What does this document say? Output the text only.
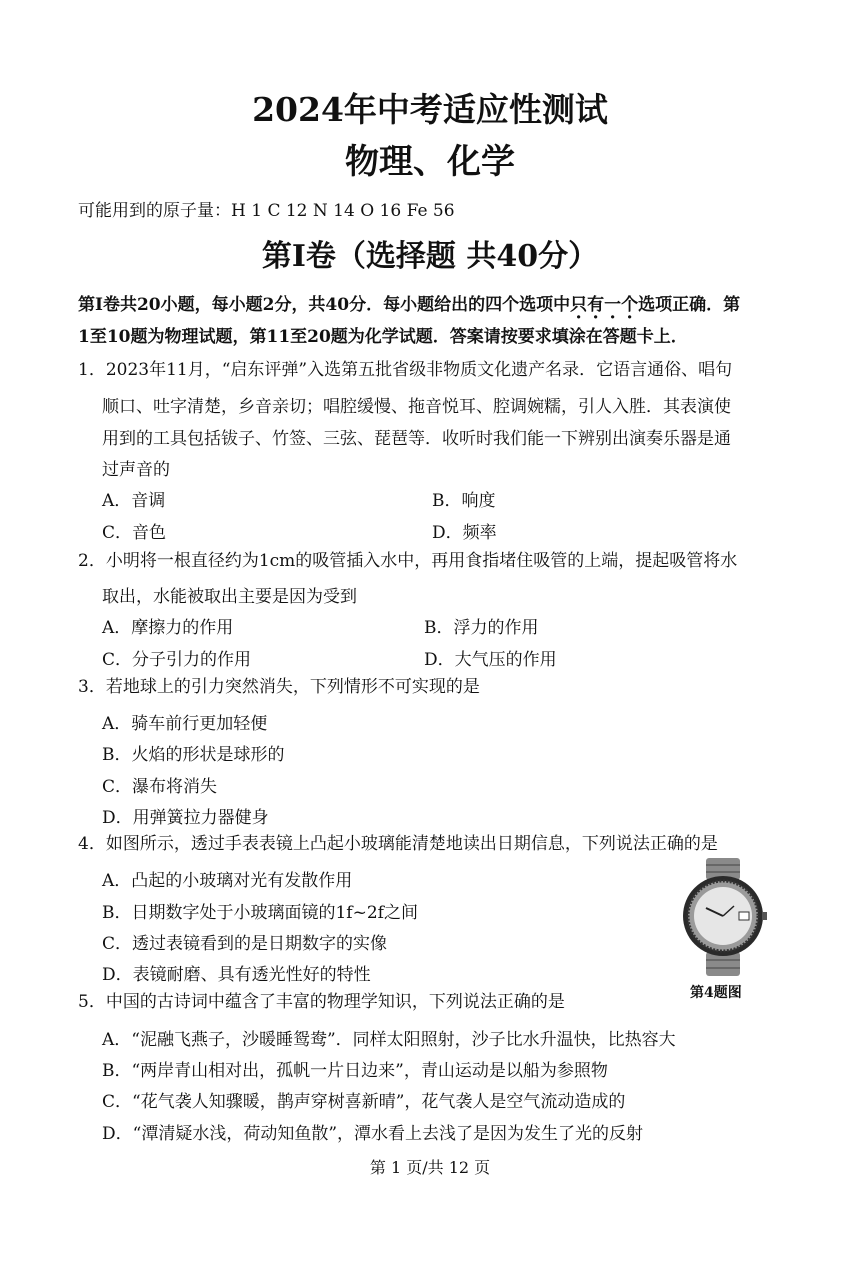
2024年中考适应性测试
物理、化学
可能用到的原子量：H 1 C 12 N 14 O 16 Fe 56
第Ⅰ卷（选择题 共40分）
第Ⅰ卷共20小题，每小题2分，共40分．每小题给出的四个选项中只有一个选项正确．第
1至10题为物理试题，第11至20题为化学试题．答案请按要求填涂在答题卡上．
1．2023年11月，“启东评弹”入选第五批省级非物质文化遗产名录．它语言通俗、唱句
顺口、吐字清楚，乡音亲切；唱腔缓慢、拖音悦耳、腔调婉糯，引人入胜．其表演使
用到的工具包括钹子、竹签、三弦、琵琶等．收听时我们能一下辨别出演奏乐器是通
过声音的
A．音调	B．响度
C．音色	D．频率
2．小明将一根直径约为1cm的吸管插入水中，再用食指堵住吸管的上端，提起吸管将水
取出，水能被取出主要是因为受到
A．摩擦力的作用	B．浮力的作用
C．分子引力的作用	D．大气压的作用
3．若地球上的引力突然消失，下列情形不可实现的是
A．骑车前行更加轻便
B．火焰的形状是球形的
C．瀑布将消失
D．用弹簧拉力器健身
4．如图所示，透过手表表镜上凸起小玻璃能清楚地读出日期信息，下列说法正确的是
A．凸起的小玻璃对光有发散作用
B．日期数字处于小玻璃面镜的1f~2f之间
C．透过表镜看到的是日期数字的实像
D．表镜耐磨、具有透光性好的特性
第4题图
5．中国的古诗词中蕴含了丰富的物理学知识，下列说法正确的是
A．“泥融飞燕子，沙暖睡鸳鸯”．同样太阳照射，沙子比水升温快，比热容大
B．“两岸青山相对出，孤帆一片日边来”，青山运动是以船为参照物
C．“花气袭人知骤暖，鹊声穿树喜新晴”，花气袭人是空气流动造成的
D．“潭清疑水浅，荷动知鱼散”，潭水看上去浅了是因为发生了光的反射
第 1 页/共 12 页
